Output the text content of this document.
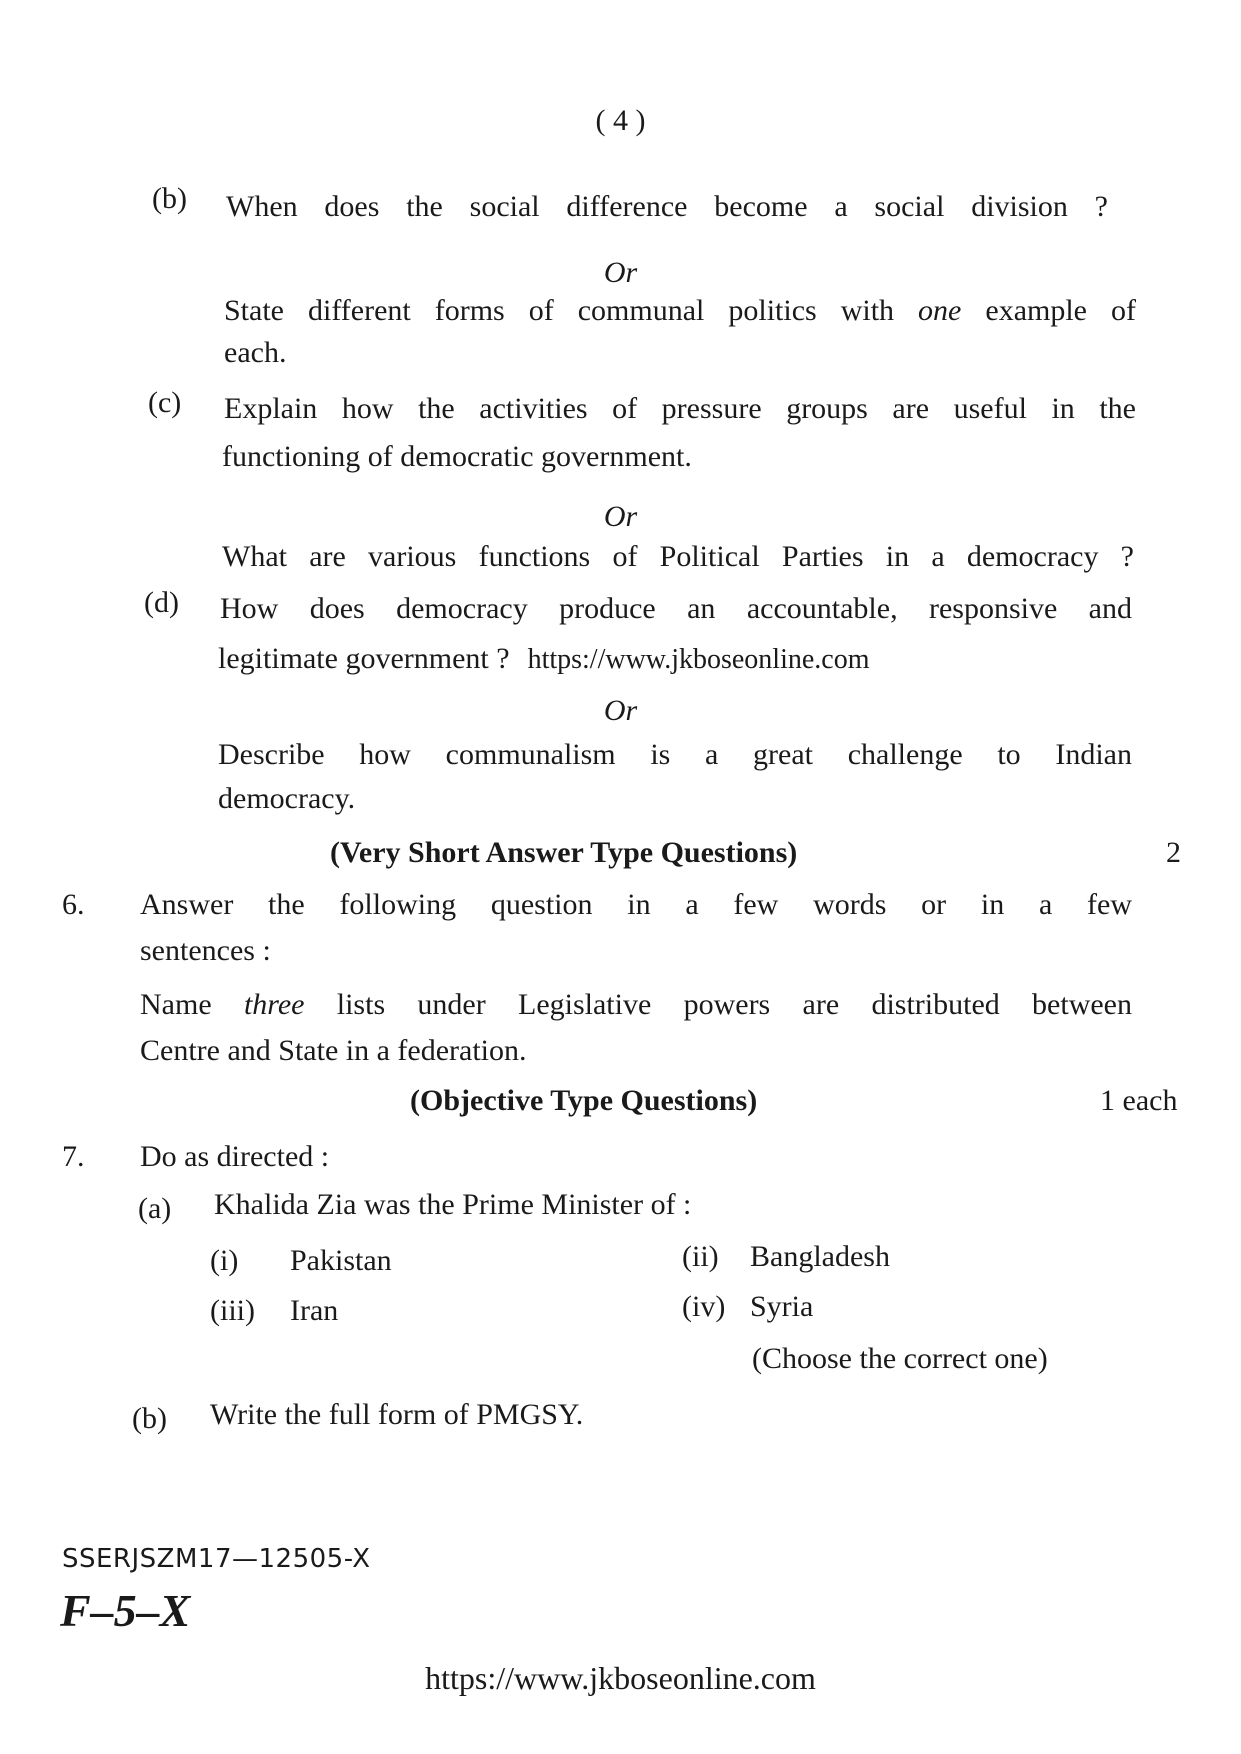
( 4 )
(b) When does the social difference become a social division ?
Or
State different forms of communal politics with one example of
each.
(c) Explain how the activities of pressure groups are useful in the
functioning of democratic government.
Or
What are various functions of Political Parties in a democracy ?
(d) How does democracy produce an accountable, responsive and
legitimate government ? https://www.jkboseonline.com
Or
Describe how communalism is a great challenge to Indian
democracy.
(Very Short Answer Type Questions)	2
6. Answer the following question in a few words or in a few
sentences :
Name three lists under Legislative powers are distributed between
Centre and State in a federation.
(Objective Type Questions)	1 each
7. Do as directed :
(a) Khalida Zia was the Prime Minister of :
(i) Pakistan	(ii) Bangladesh
(iii) Iran	(iv) Syria
(Choose the correct one)
(b) Write the full form of PMGSY.
SSERJSZM17—12505-X
F–5–X
https://www.jkboseonline.com
